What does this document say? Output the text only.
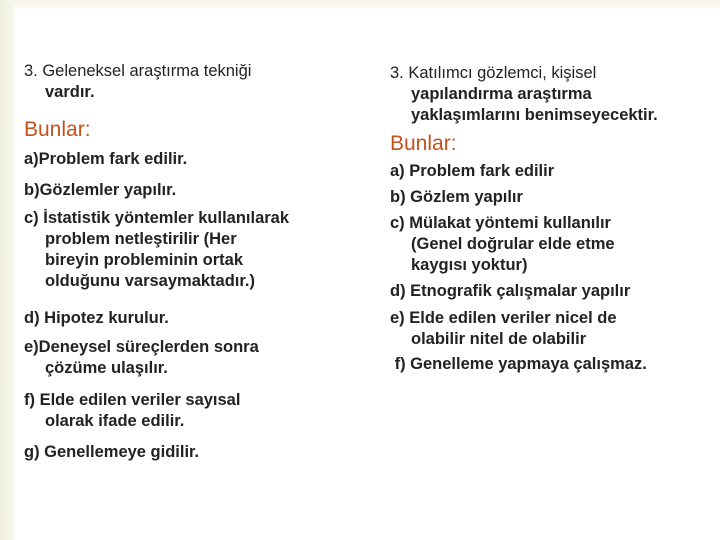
3. Geleneksel araştırma tekniği
vardır.

Bunlar:

a)Problem fark edilir.

b)Gözlemler yapılır.

c) İstatistik yöntemler kullanılarak
problem netleştirilir (Her
bireyin probleminin ortak
olduğunu varsaymaktadır.)

d) Hipotez kurulur.

e)Deneysel süreçlerden sonra
çözüme ulaşılır.

f) Elde edilen veriler sayısal
olarak ifade edilir.

g) Genellemeye gidilir.

3. Katılımcı gözlemci, kişisel
yapılandırma araştırma
yaklaşımlarını benimseyecektir.

Bunlar:

a) Problem fark edilir

b) Gözlem yapılır

c) Mülakat yöntemi kullanılır
(Genel doğrular elde etme
kaygısı yoktur)

d) Etnografik çalışmalar yapılır

e) Elde edilen veriler nicel de
olabilir nitel de olabilir

f) Genelleme yapmaya çalışmaz.
